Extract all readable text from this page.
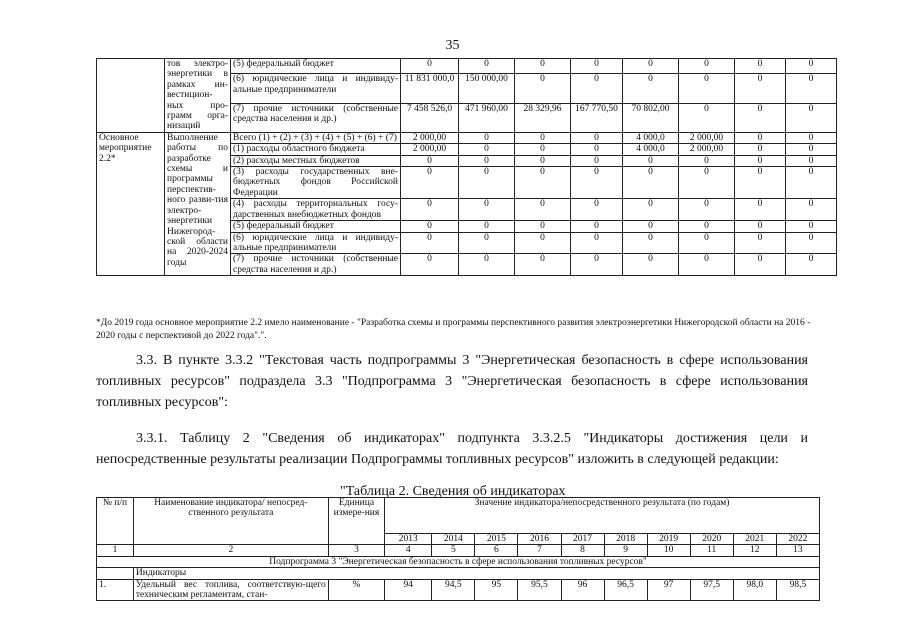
35
	тов электро-энергетики в рамках ин-вестицион-ных про-грамм орга-низаций	(5) федеральный бюджет	0	0	0	0	0	0	0	0
		(6) юридические лица и индивиду-альные предприниматели	11 831 000,0	150 000,00	0	0	0	0	0	0
		(7) прочие источники (собственные средства населения и др.)	7 458 526,0	471 960,00	28 329,96	167 770,50	70 802,00	0	0	0
Основное мероприятие 2.2*	Выполнение работы по разработке схемы и программы перспектив-ного разви-тия электро-энергетики Нижегород-ской области на 2020-2024 годы	Всего (1) + (2) + (3) + (4) + (5) + (6) + (7)	2 000,00	0	0	0	4 000,0	2 000,00	0	0
		(1) расходы областного бюджета	2 000,00	0	0	0	4 000,0	2 000,00	0	0
		(2) расходы местных бюджетов	0	0	0	0	0	0	0	0
		(3) расходы государственных вне-бюджетных фондов Российской Федерации	0	0	0	0	0	0	0	0
		(4) расходы территориальных госу-дарственных внебюджетных фондов	0	0	0	0	0	0	0	0
		(5) федеральный бюджет	0	0	0	0	0	0	0	0
		(6) юридические лица и индивиду-альные предприниматели	0	0	0	0	0	0	0	0
		(7) прочие источники (собственные средства населения и др.)	0	0	0	0	0	0	0	0
*До 2019 года основное мероприятие 2.2 имело наименование - "Разработка схемы и программы перспективного развития электроэнергетики Нижегородской области на 2016 - 2020 годы с перспективой до 2022 года".".
3.3. В пункте 3.3.2 "Текстовая часть подпрограммы 3 "Энергетическая безопасность в сфере использования топливных ресурсов" подраздела 3.3 "Подпрограмма 3 "Энергетическая безопасность в сфере использования топливных ресурсов":
3.3.1. Таблицу 2 "Сведения об индикаторах" подпункта 3.3.2.5 "Индикаторы достижения цели и непосредственные результаты реализации Подпрограммы топливных ресурсов" изложить в следующей редакции:
"Таблица 2. Сведения об индикаторах
№ п/п	Наименование индикатора/ непосред-ственного результата	Единица измере-ния	Значение индикатора/непосредственного результата (по годам)									
			2013	2014	2015	2016	2017	2018	2019	2020	2021	2022
1	2	3	4	5	6	7	8	9	10	11	12	13
Подпрограмма 3 "Энергетическая безопасность в сфере использования топливных ресурсов"												
	Индикаторы											
1.	Удельный вес топлива, соответствую-щего техническим регламентам, стан-	%	94	94,5	95	95,5	96	96,5	97	97,5	98,0	98,5
